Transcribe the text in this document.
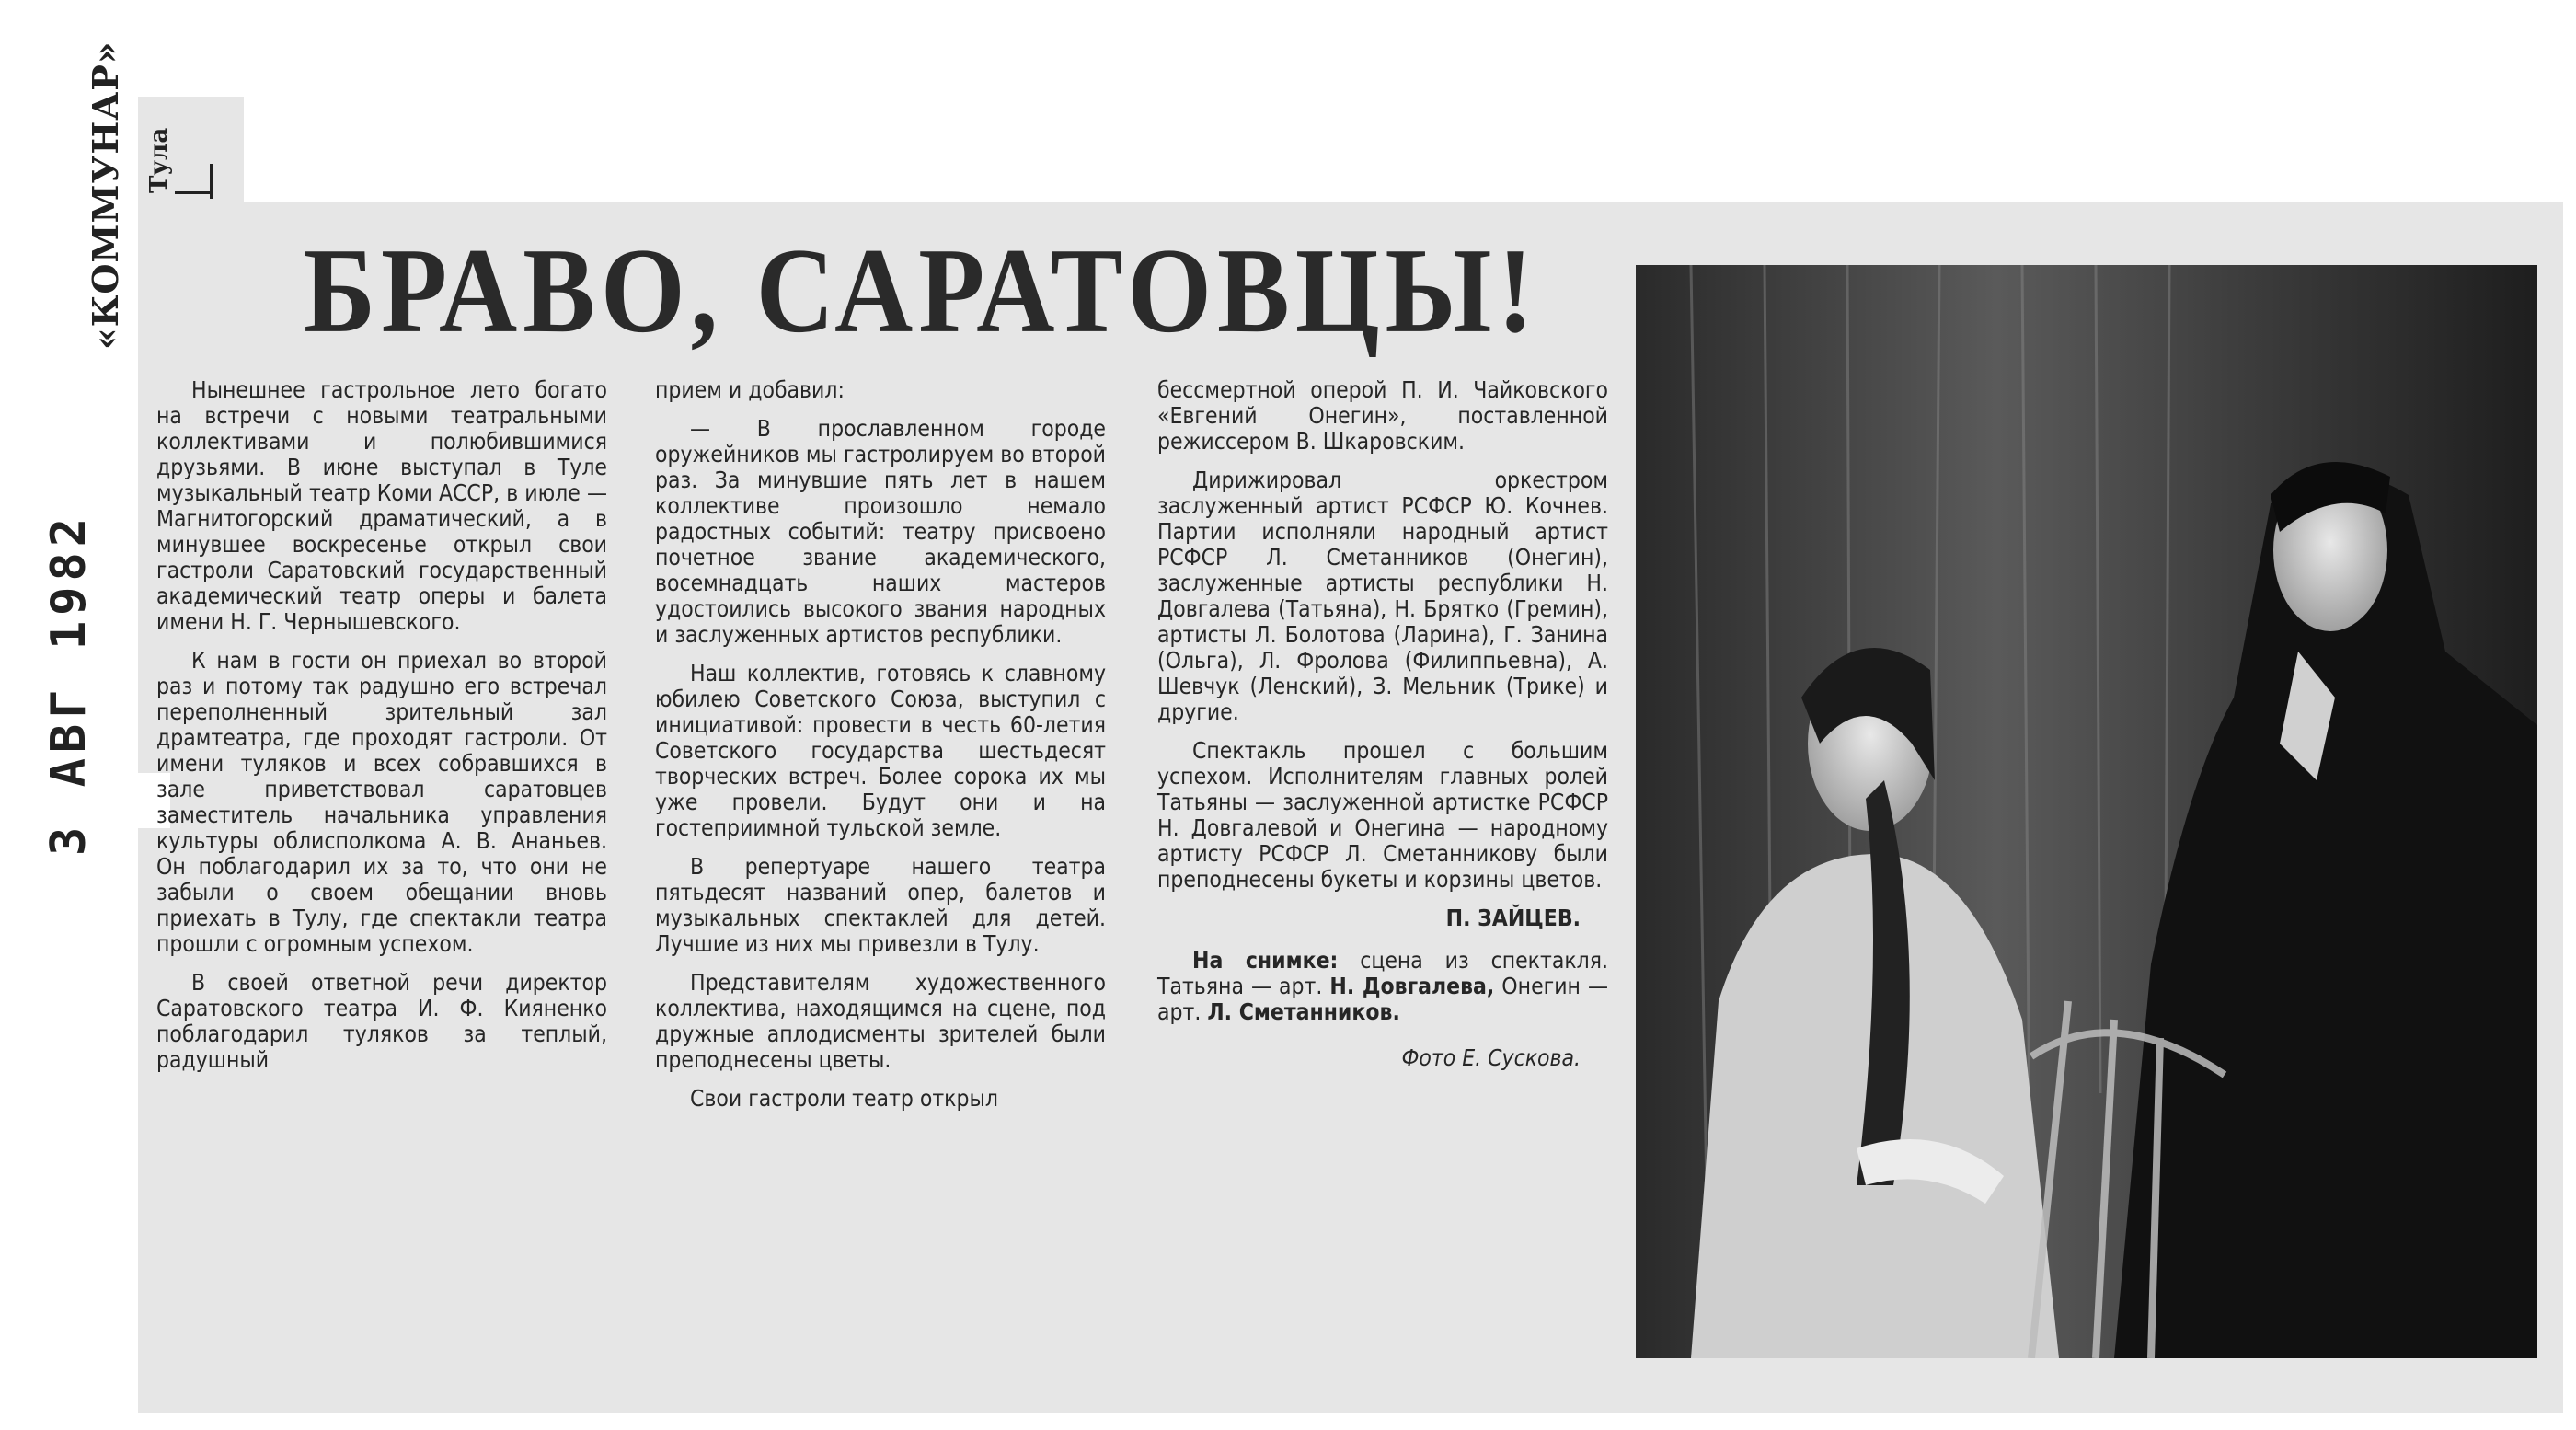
«КОММУНАР» Тула
3 АВГ 1982
БРАВО, САРАТОВЦЫ!

Нынешнее гастрольное лето богато на встречи с новыми театральными коллективами и полюбившимися друзьями. В июне выступал в Туле музыкальный театр Коми АССР, в июле — Магнитогорский драматический, а в минувшее воскресенье открыл свои гастроли Саратовский государственный академический театр оперы и балета имени Н. Г. Чернышевского.

К нам в гости он приехал во второй раз и потому так радушно его встречал переполненный зрительный зал драмтеатра, где проходят гастроли. От имени туляков и всех собравшихся в зале приветствовал саратовцев заместитель начальника управления культуры облисполкома А. В. Ананьев. Он поблагодарил их за то, что они не забыли о своем обещании вновь приехать в Тулу, где спектакли театра прошли с огромным успехом.

В своей ответной речи директор Саратовского театра И. Ф. Кияненко поблагодарил туляков за теплый, радушный

прием и добавил:

— В прославленном городе оружейников мы гастролируем во второй раз. За минувшие пять лет в нашем коллективе произошло немало радостных событий: театру присвоено почетное звание академического, восемнадцать наших мастеров удостоились высокого звания народных и заслуженных артистов республики.

Наш коллектив, готовясь к славному юбилею Советского Союза, выступил с инициативой: провести в честь 60-летия Советского государства шестьдесят творческих встреч. Более сорока их мы уже провели. Будут они и на гостеприимной тульской земле.

В репертуаре нашего театра пятьдесят названий опер, балетов и музыкальных спектаклей для детей. Лучшие из них мы привезли в Тулу.

Представителям художественного коллектива, находящимся на сцене, под дружные аплодисменты зрителей были преподнесены цветы.

Свои гастроли театр открыл

бессмертной оперой П. И. Чайковского «Евгений Онегин», поставленной режиссером В. Шкаровским.

Дирижировал оркестром заслуженный артист РСФСР Ю. Кочнев. Партии исполняли народный артист РСФСР Л. Сметанников (Онегин), заслуженные артисты республики Н. Довгалева (Татьяна), Н. Брятко (Гремин), артисты Л. Болотова (Ларина), Г. Занина (Ольга), Л. Фролова (Филиппьевна), А. Шевчук (Ленский), З. Мельник (Трике) и другие.

Спектакль прошел с большим успехом. Исполнителям главных ролей Татьяны — заслуженной артистке РСФСР Н. Довгалевой и Онегина — народному артисту РСФСР Л. Сметанникову были преподнесены букеты и корзины цветов.

П. ЗАЙЦЕВ.

На снимке: сцена из спектакля. Татьяна — арт. Н. Довгалева, Онегин — арт. Л. Сметанников.

Фото Е. Сускова.
